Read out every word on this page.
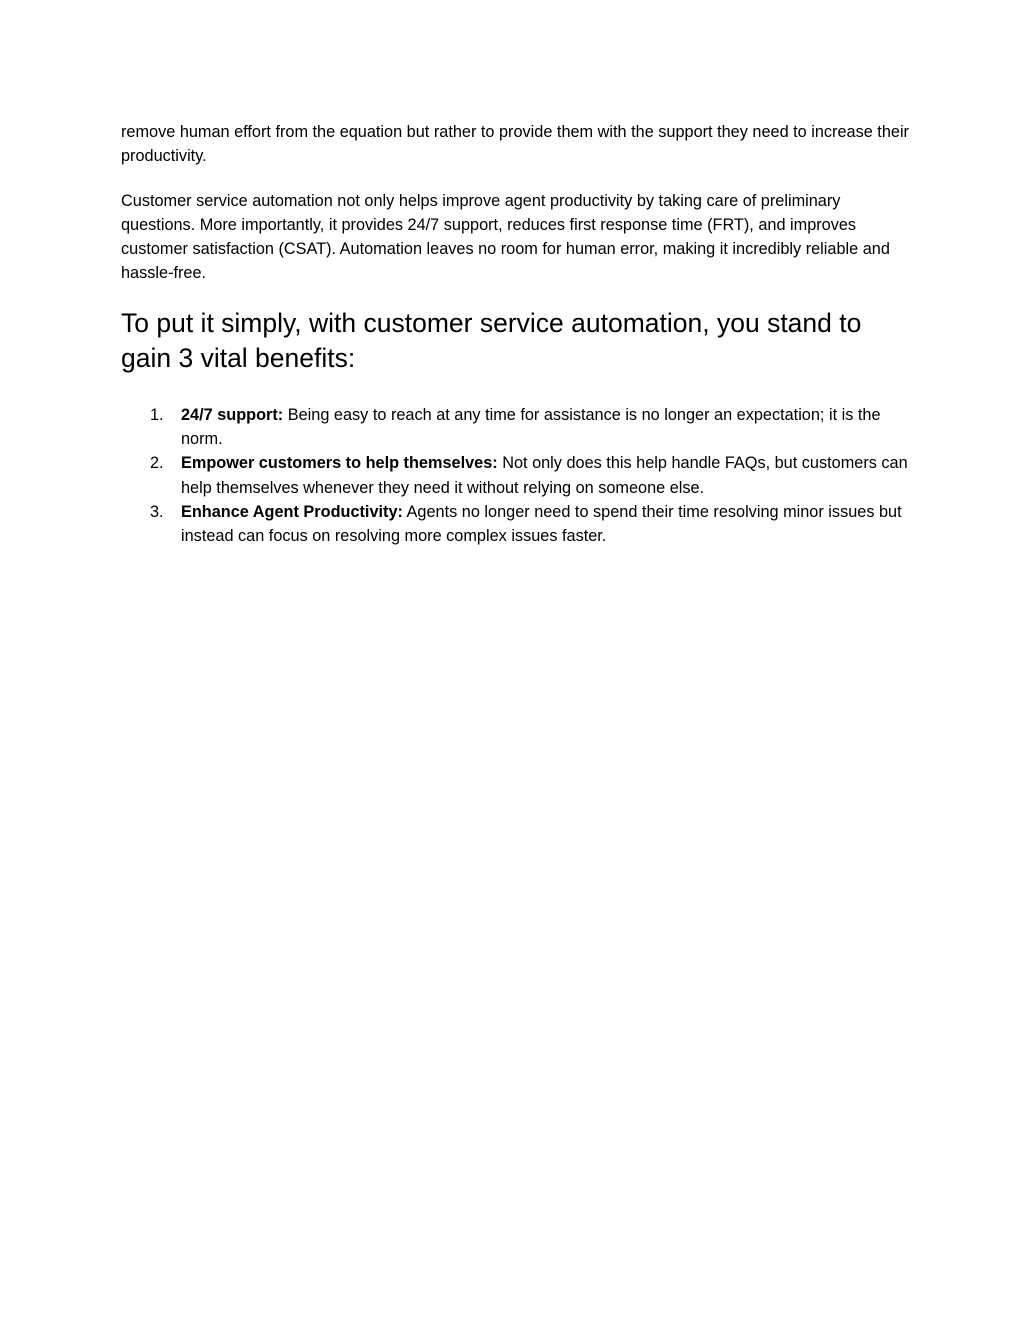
remove human effort from the equation but rather to provide them with the support they need to increase their productivity.

Customer service automation not only helps improve agent productivity by taking care of preliminary questions. More importantly, it provides 24/7 support, reduces first response time (FRT), and improves customer satisfaction (CSAT). Automation leaves no room for human error, making it incredibly reliable and hassle-free.

To put it simply, with customer service automation, you stand to gain 3 vital benefits:
1. 24/7 support: Being easy to reach at any time for assistance is no longer an expectation; it is the norm.
2. Empower customers to help themselves: Not only does this help handle FAQs, but customers can help themselves whenever they need it without relying on someone else.
3. Enhance Agent Productivity: Agents no longer need to spend their time resolving minor issues but instead can focus on resolving more complex issues faster.
